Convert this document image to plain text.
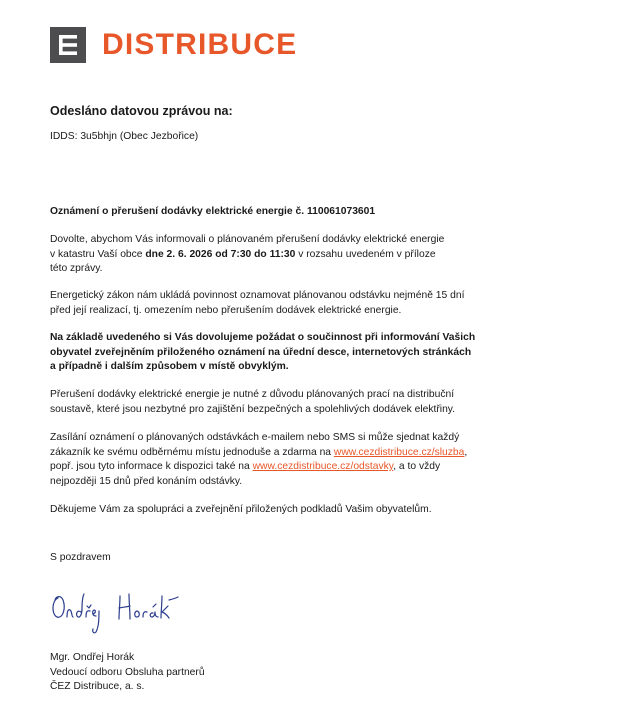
DISTRIBUCE
Odesláno datovou zprávou na:
IDDS: 3u5bhjn (Obec Jezbořice)
Oznámení o přerušení dodávky elektrické energie č. 110061073601
Dovolte, abychom Vás informovali o plánovaném přerušení dodávky elektrické energie
v katastru Vaší obce dne 2. 6. 2026 od 7:30 do 11:30 v rozsahu uvedeném v příloze
této zprávy.
Energetický zákon nám ukládá povinnost oznamovat plánovanou odstávku nejméně 15 dní
před její realizací, tj. omezením nebo přerušením dodávek elektrické energie.
Na základě uvedeného si Vás dovolujeme požádat o součinnost při informování Vašich
obyvatel zveřejněním přiloženého oznámení na úřední desce, internetových stránkách
a případně i dalším způsobem v místě obvyklým.
Přerušení dodávky elektrické energie je nutné z důvodu plánovaných prací na distribuční
soustavě, které jsou nezbytné pro zajištění bezpečných a spolehlivých dodávek elektřiny.
Zasílání oznámení o plánovaných odstávkách e-mailem nebo SMS si může sjednat každý
zákazník ke svému odběrnému místu jednoduše a zdarma na www.cezdistribuce.cz/sluzba,
popř. jsou tyto informace k dispozici také na www.cezdistribuce.cz/odstavky, a to vždy
nejpozději 15 dnů před konáním odstávky.
Děkujeme Vám za spolupráci a zveřejnění přiložených podkladů Vašim obyvatelům.
S pozdravem
Mgr. Ondřej Horák
Vedoucí odboru Obsluha partnerů
ČEZ Distribuce, a. s.
